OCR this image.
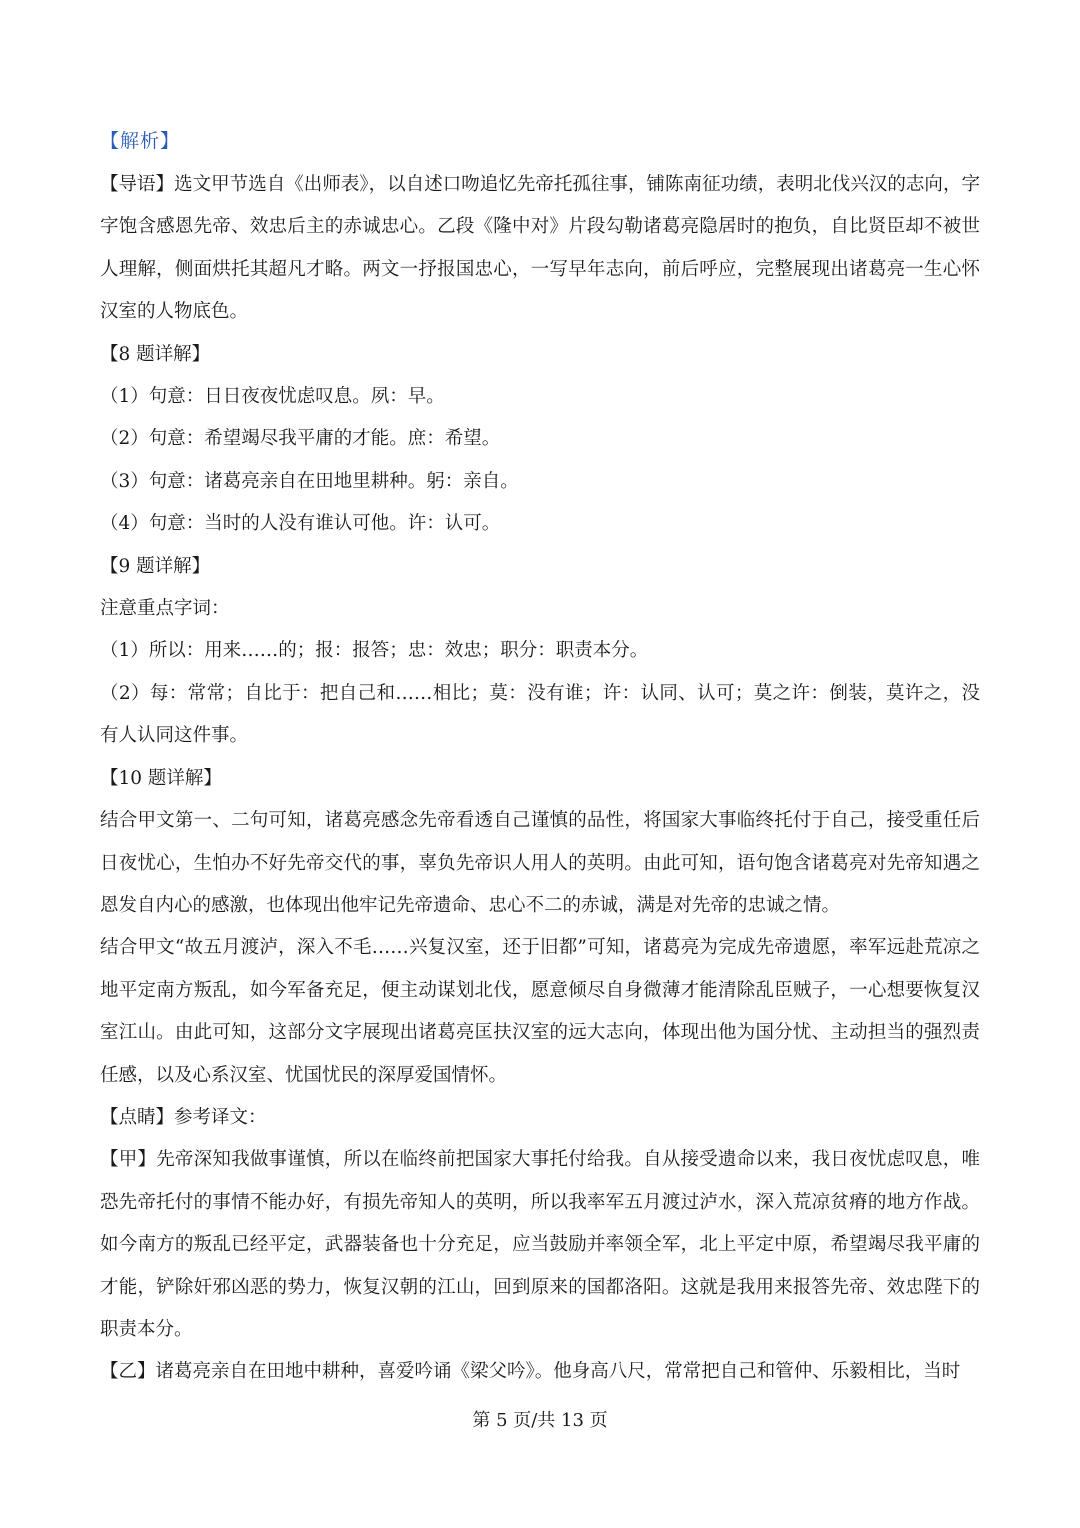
【解析】

【导语】选文甲节选自《出师表》，以自述口吻追忆先帝托孤往事，铺陈南征功绩，表明北伐兴汉的志向，字字饱含感恩先帝、效忠后主的赤诚忠心。乙段《隆中对》片段勾勒诸葛亮隐居时的抱负，自比贤臣却不被世人理解，侧面烘托其超凡才略。两文一抒报国忠心，一写早年志向，前后呼应，完整展现出诸葛亮一生心怀汉室的人物底色。

【8 题详解】

（1）句意：日日夜夜忧虑叹息。夙：早。

（2）句意：希望竭尽我平庸的才能。庶：希望。

（3）句意：诸葛亮亲自在田地里耕种。躬：亲自。

（4）句意：当时的人没有谁认可他。许：认可。

【9 题详解】

注意重点字词：

（1）所以：用来……的；报：报答；忠：效忠；职分：职责本分。

（2）每：常常；自比于：把自己和……相比；莫：没有谁；许：认同、认可；莫之许：倒装，莫许之，没有人认同这件事。

【10 题详解】

结合甲文第一、二句可知，诸葛亮感念先帝看透自己谨慎的品性，将国家大事临终托付于自己，接受重任后日夜忧心，生怕办不好先帝交代的事，辜负先帝识人用人的英明。由此可知，语句饱含诸葛亮对先帝知遇之恩发自内心的感激，也体现出他牢记先帝遗命、忠心不二的赤诚，满是对先帝的忠诚之情。

结合甲文“故五月渡泸，深入不毛……兴复汉室，还于旧都”可知，诸葛亮为完成先帝遗愿，率军远赴荒凉之地平定南方叛乱，如今军备充足，便主动谋划北伐，愿意倾尽自身微薄才能清除乱臣贼子，一心想要恢复汉室江山。由此可知，这部分文字展现出诸葛亮匡扶汉室的远大志向，体现出他为国分忧、主动担当的强烈责任感，以及心系汉室、忧国忧民的深厚爱国情怀。

【点睛】参考译文：

【甲】先帝深知我做事谨慎，所以在临终前把国家大事托付给我。自从接受遗命以来，我日夜忧虑叹息，唯恐先帝托付的事情不能办好，有损先帝知人的英明，所以我率军五月渡过泸水，深入荒凉贫瘠的地方作战。如今南方的叛乱已经平定，武器装备也十分充足，应当鼓励并率领全军，北上平定中原，希望竭尽我平庸的才能，铲除奸邪凶恶的势力，恢复汉朝的江山，回到原来的国都洛阳。这就是我用来报答先帝、效忠陛下的职责本分。

【乙】诸葛亮亲自在田地中耕种，喜爱吟诵《梁父吟》。他身高八尺，常常把自己和管仲、乐毅相比，当时

第 5 页/共 13 页
